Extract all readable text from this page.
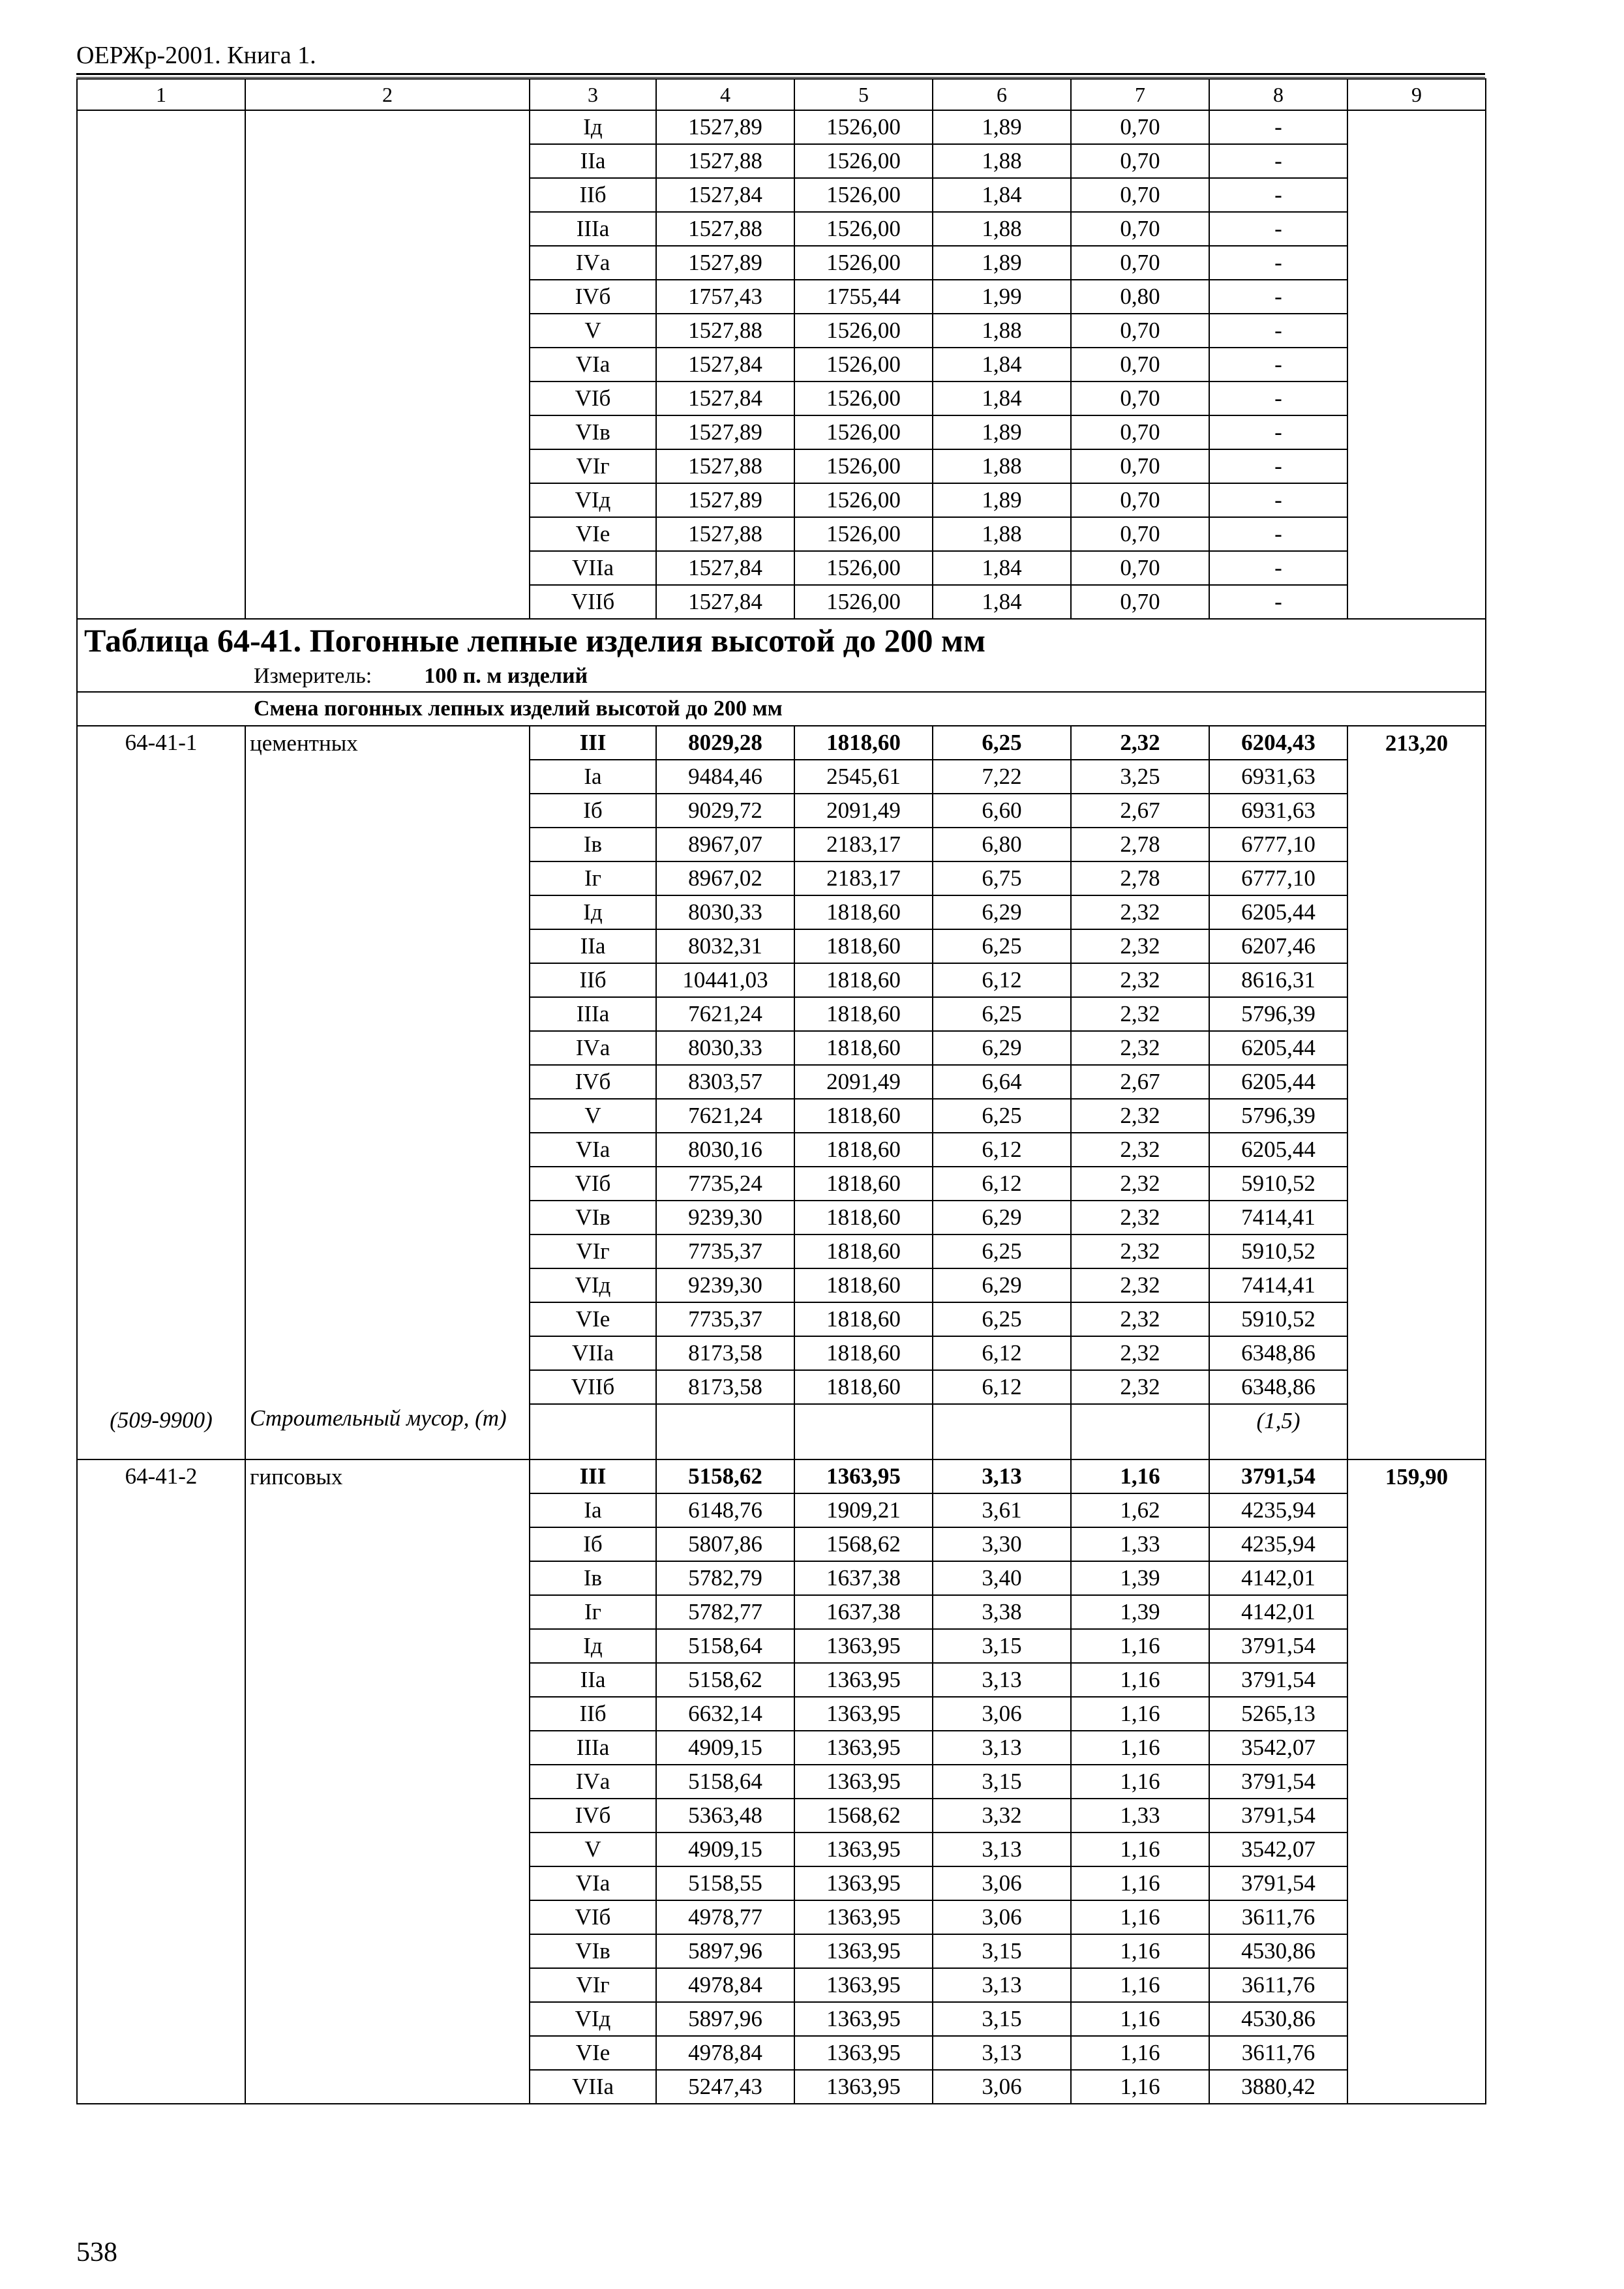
ОЕРЖр-2001. Книга 1.
1	2	3	4	5	6	7	8	9
		Iд	1527,89	1526,00	1,89	0,70	-	
		IIа	1527,88	1526,00	1,88	0,70	-	
		IIб	1527,84	1526,00	1,84	0,70	-	
		IIIа	1527,88	1526,00	1,88	0,70	-	
		IVа	1527,89	1526,00	1,89	0,70	-	
		IVб	1757,43	1755,44	1,99	0,80	-	
		V	1527,88	1526,00	1,88	0,70	-	
		VIа	1527,84	1526,00	1,84	0,70	-	
		VIб	1527,84	1526,00	1,84	0,70	-	
		VIв	1527,89	1526,00	1,89	0,70	-	
		VIг	1527,88	1526,00	1,88	0,70	-	
		VIд	1527,89	1526,00	1,89	0,70	-	
		VIе	1527,88	1526,00	1,88	0,70	-	
		VIIа	1527,84	1526,00	1,84	0,70	-	
		VIIб	1527,84	1526,00	1,84	0,70	-	
Таблица 64-41. Погонные лепные изделия высотой до 200 мм								
Измеритель: 100 п. м изделий								
Смена погонных лепных изделий высотой до 200 мм								
64-41-1	цементных	III	8029,28	1818,60	6,25	2,32	6204,43	213,20
		Iа	9484,46	2545,61	7,22	3,25	6931,63	
		Iб	9029,72	2091,49	6,60	2,67	6931,63	
		Iв	8967,07	2183,17	6,80	2,78	6777,10	
		Iг	8967,02	2183,17	6,75	2,78	6777,10	
		Iд	8030,33	1818,60	6,29	2,32	6205,44	
		IIа	8032,31	1818,60	6,25	2,32	6207,46	
		IIб	10441,03	1818,60	6,12	2,32	8616,31	
		IIIа	7621,24	1818,60	6,25	2,32	5796,39	
		IVа	8030,33	1818,60	6,29	2,32	6205,44	
		IVб	8303,57	2091,49	6,64	2,67	6205,44	
		V	7621,24	1818,60	6,25	2,32	5796,39	
		VIа	8030,16	1818,60	6,12	2,32	6205,44	
		VIб	7735,24	1818,60	6,12	2,32	5910,52	
		VIв	9239,30	1818,60	6,29	2,32	7414,41	
		VIг	7735,37	1818,60	6,25	2,32	5910,52	
		VIд	9239,30	1818,60	6,29	2,32	7414,41	
		VIе	7735,37	1818,60	6,25	2,32	5910,52	
		VIIа	8173,58	1818,60	6,12	2,32	6348,86	
		VIIб	8173,58	1818,60	6,12	2,32	6348,86	
(509-9900)	Строительный мусор, (т)						(1,5)	
64-41-2	гипсовых	III	5158,62	1363,95	3,13	1,16	3791,54	159,90
		Iа	6148,76	1909,21	3,61	1,62	4235,94	
		Iб	5807,86	1568,62	3,30	1,33	4235,94	
		Iв	5782,79	1637,38	3,40	1,39	4142,01	
		Iг	5782,77	1637,38	3,38	1,39	4142,01	
		Iд	5158,64	1363,95	3,15	1,16	3791,54	
		IIа	5158,62	1363,95	3,13	1,16	3791,54	
		IIб	6632,14	1363,95	3,06	1,16	5265,13	
		IIIа	4909,15	1363,95	3,13	1,16	3542,07	
		IVа	5158,64	1363,95	3,15	1,16	3791,54	
		IVб	5363,48	1568,62	3,32	1,33	3791,54	
		V	4909,15	1363,95	3,13	1,16	3542,07	
		VIа	5158,55	1363,95	3,06	1,16	3791,54	
		VIб	4978,77	1363,95	3,06	1,16	3611,76	
		VIв	5897,96	1363,95	3,15	1,16	4530,86	
		VIг	4978,84	1363,95	3,13	1,16	3611,76	
		VIд	5897,96	1363,95	3,15	1,16	4530,86	
		VIе	4978,84	1363,95	3,13	1,16	3611,76	
		VIIа	5247,43	1363,95	3,06	1,16	3880,42	
538
